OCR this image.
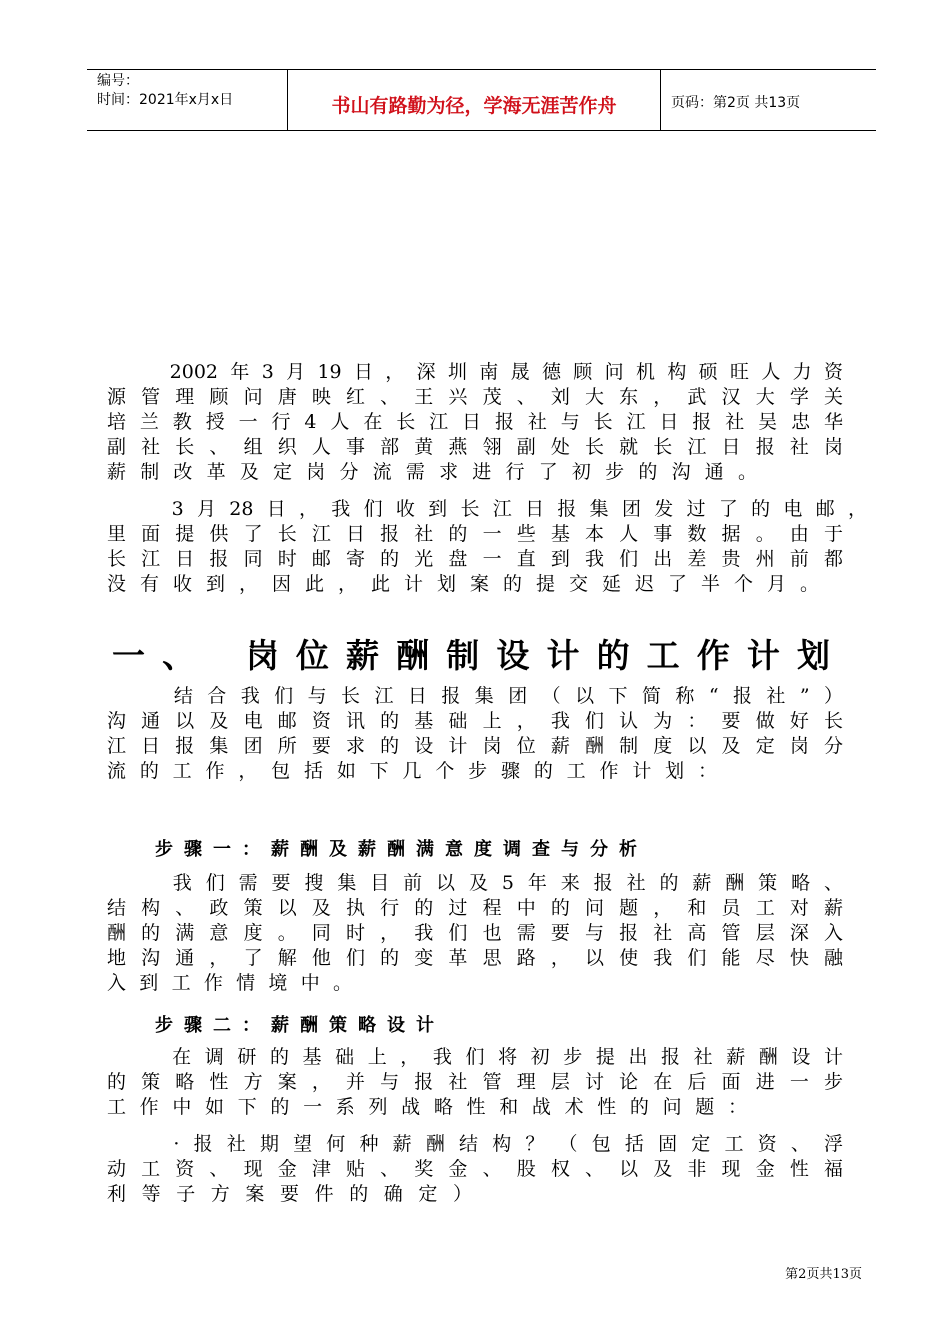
编号：
时间：2021年x月x日	书山有路勤为径，学海无涯苦作舟	页码：第2页 共13页
　　2002年3月19日，深圳南晟德顾问机构硕旺人力资
源管理顾问唐映红、王兴茂、刘大东，武汉大学关
培兰教授一行4人在长江日报社与长江日报社吴忠华
副社长、组织人事部黄燕翎副处长就长江日报社岗
薪制改革及定岗分流需求进行了初步的沟通。
　　3月28日，我们收到长江日报集团发过了的电邮，
里面提供了长江日报社的一些基本人事数据。由于
长江日报同时邮寄的光盘一直到我们出差贵州前都
没有收到，因此，此计划案的提交延迟了半个月。
一、　岗位薪酬制设计的工作计划
　　结合我们与长江日报集团（以下简称“报社”）
沟通以及电邮资讯的基础上，我们认为：要做好长
江日报集团所要求的设计岗位薪酬制度以及定岗分
流的工作，包括如下几个步骤的工作计划：
步骤一：薪酬及薪酬满意度调查与分析
　　我们需要搜集目前以及5年来报社的薪酬策略、
结构、政策以及执行的过程中的问题，和员工对薪
酬的满意度。同时，我们也需要与报社高管层深入
地沟通，了解他们的变革思路，以使我们能尽快融
入到工作情境中。
步骤二：薪酬策略设计
　　在调研的基础上，我们将初步提出报社薪酬设计
的策略性方案，并与报社管理层讨论在后面进一步
工作中如下的一系列战略性和战术性的问题：
　　·报社期望何种薪酬结构？（包括固定工资、浮
动工资、现金津贴、奖金、股权、以及非现金性福
利等子方案要件的确定）
第2页共13页
